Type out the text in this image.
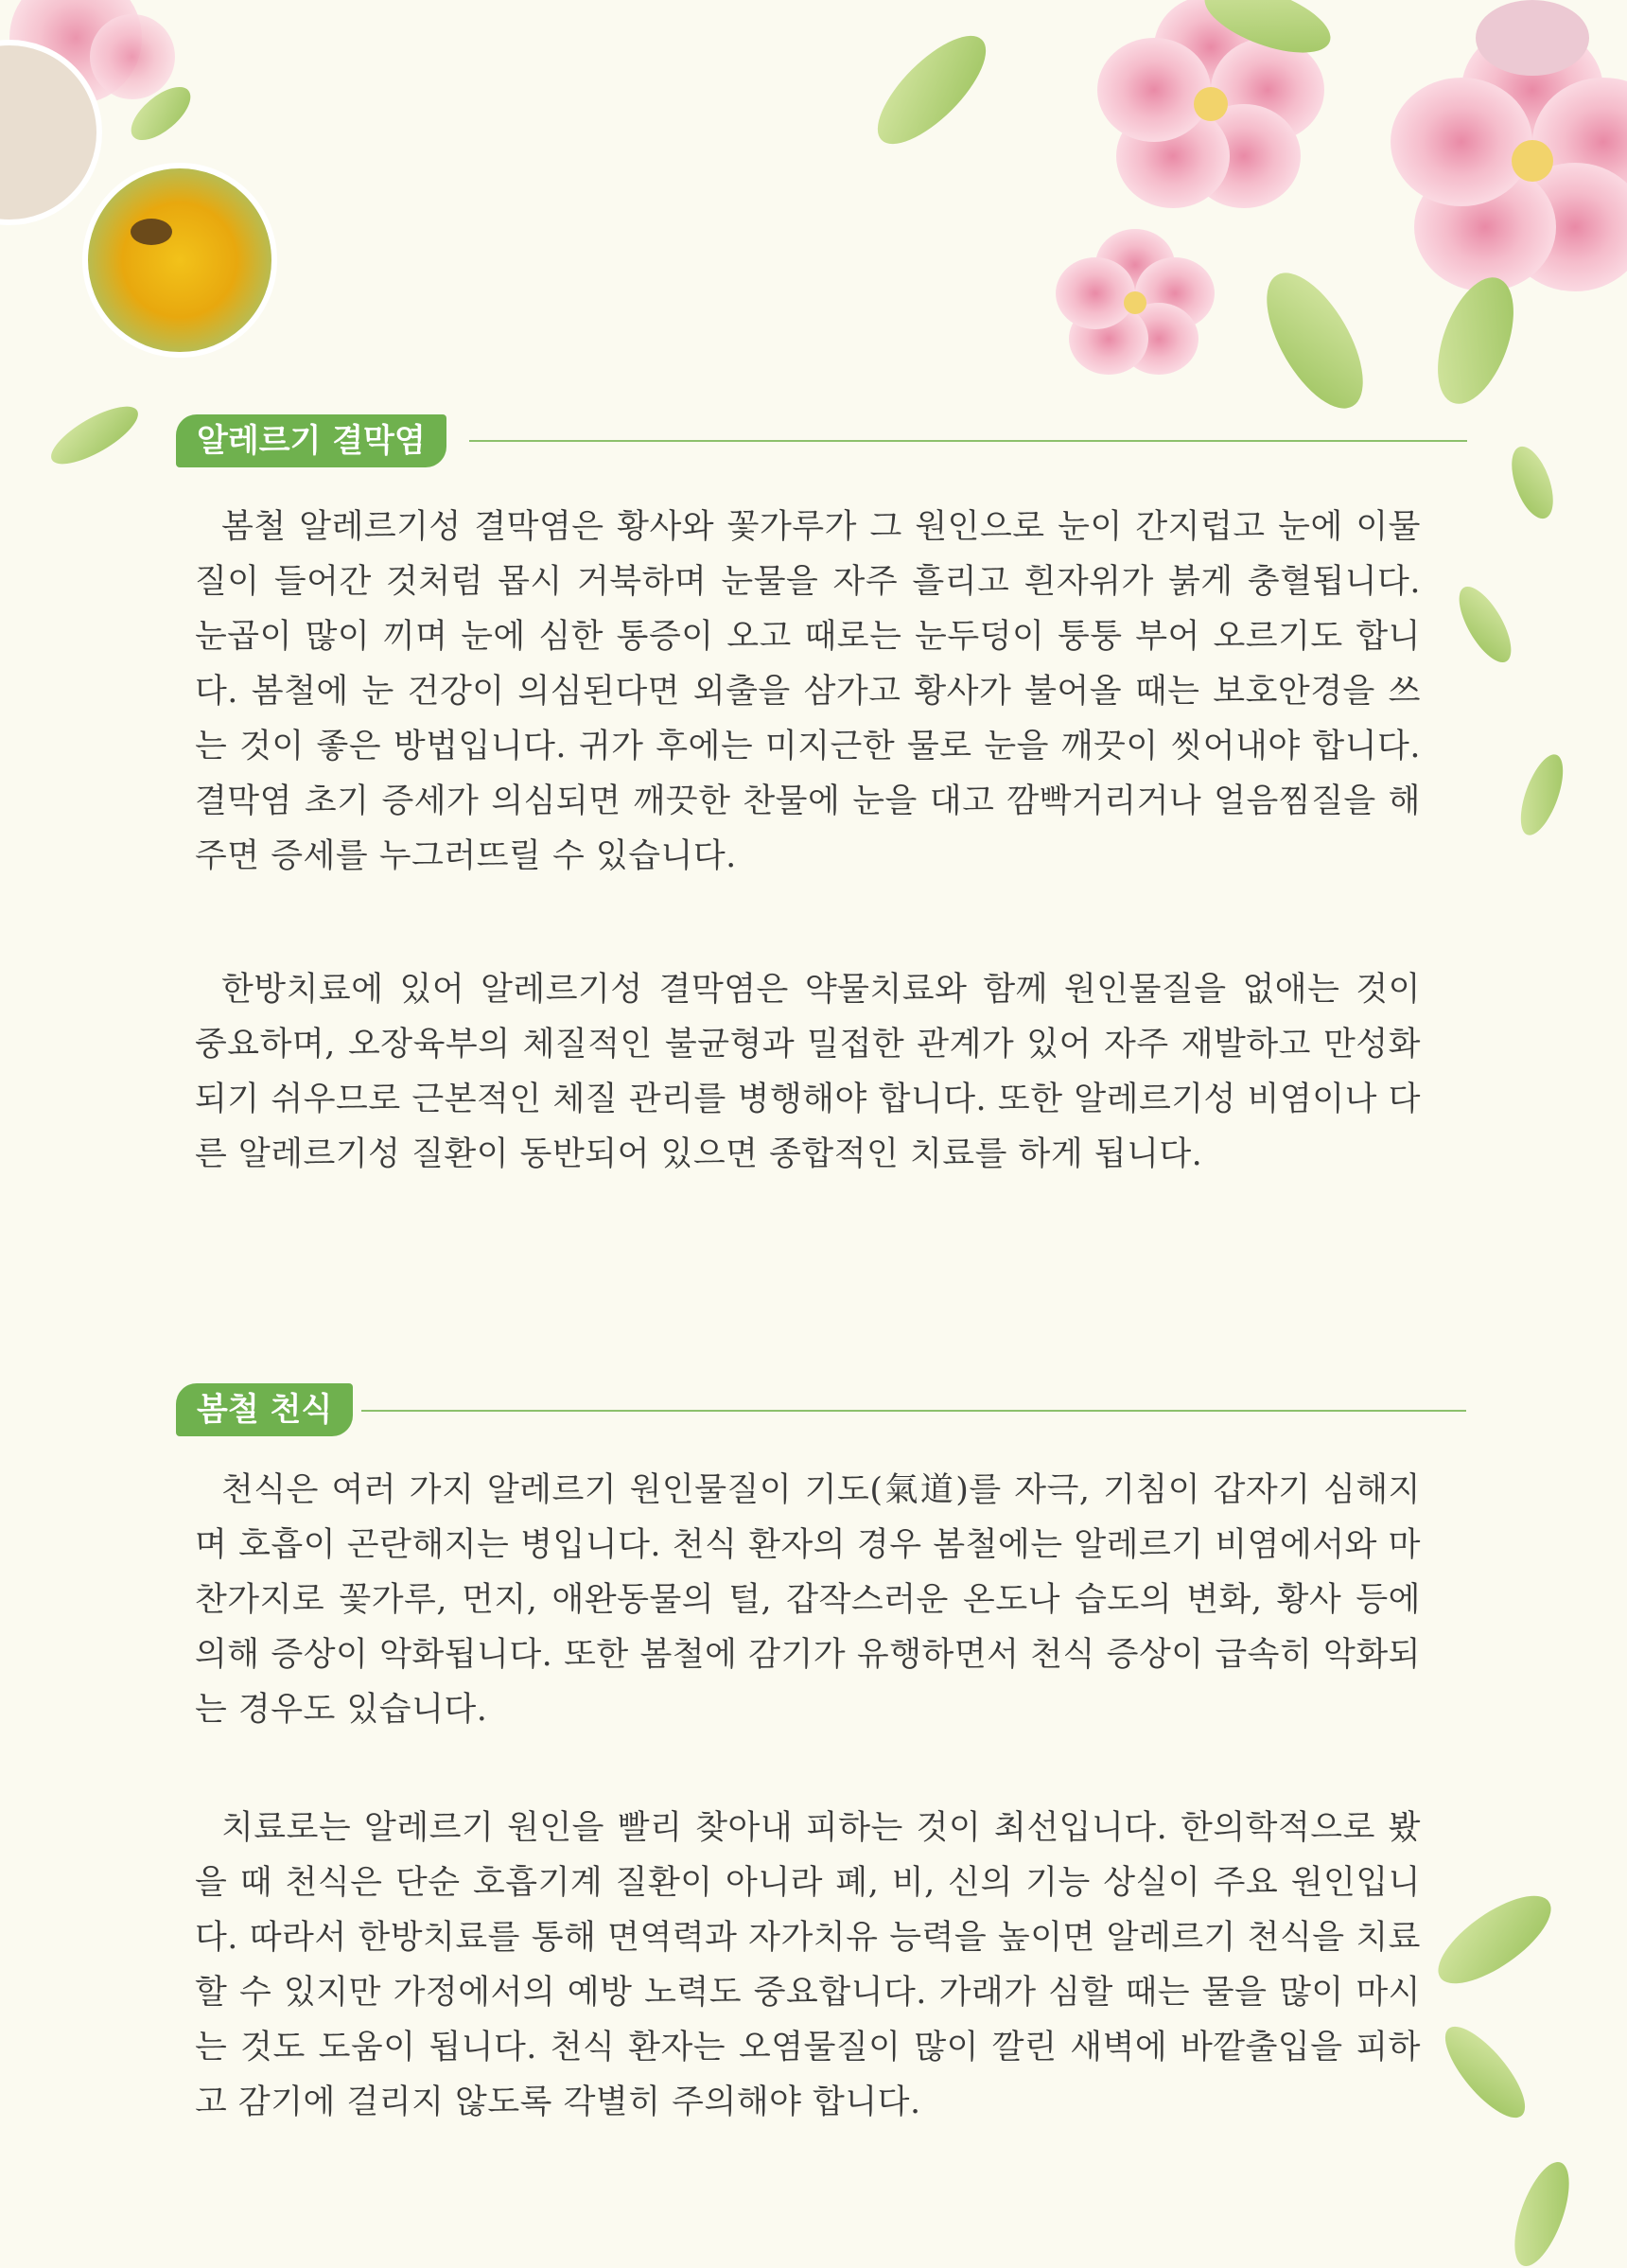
알레르기 결막염

봄철 알레르기성 결막염은 황사와 꽃가루가 그 원인으로 눈이 간지럽고 눈에 이물질이 들어간 것처럼 몹시 거북하며 눈물을 자주 흘리고 흰자위가 붉게 충혈됩니다. 눈곱이 많이 끼며 눈에 심한 통증이 오고 때로는 눈두덩이 퉁퉁 부어 오르기도 합니다. 봄철에 눈 건강이 의심된다면 외출을 삼가고 황사가 불어올 때는 보호안경을 쓰는 것이 좋은 방법입니다. 귀가 후에는 미지근한 물로 눈을 깨끗이 씻어내야 합니다. 결막염 초기 증세가 의심되면 깨끗한 찬물에 눈을 대고 깜빡거리거나 얼음찜질을 해주면 증세를 누그러뜨릴 수 있습니다.

한방치료에 있어 알레르기성 결막염은 약물치료와 함께 원인물질을 없애는 것이 중요하며, 오장육부의 체질적인 불균형과 밀접한 관계가 있어 자주 재발하고 만성화되기 쉬우므로 근본적인 체질 관리를 병행해야 합니다. 또한 알레르기성 비염이나 다른 알레르기성 질환이 동반되어 있으면 종합적인 치료를 하게 됩니다.

봄철 천식

천식은 여러 가지 알레르기 원인물질이 기도(氣道)를 자극, 기침이 갑자기 심해지며 호흡이 곤란해지는 병입니다. 천식 환자의 경우 봄철에는 알레르기 비염에서와 마찬가지로 꽃가루, 먼지, 애완동물의 털, 갑작스러운 온도나 습도의 변화, 황사 등에 의해 증상이 악화됩니다. 또한 봄철에 감기가 유행하면서 천식 증상이 급속히 악화되는 경우도 있습니다.

치료로는 알레르기 원인을 빨리 찾아내 피하는 것이 최선입니다. 한의학적으로 봤을 때 천식은 단순 호흡기계 질환이 아니라 폐, 비, 신의 기능 상실이 주요 원인입니다. 따라서 한방치료를 통해 면역력과 자가치유 능력을 높이면 알레르기 천식을 치료할 수 있지만 가정에서의 예방 노력도 중요합니다. 가래가 심할 때는 물을 많이 마시는 것도 도움이 됩니다. 천식 환자는 오염물질이 많이 깔린 새벽에 바깥출입을 피하고 감기에 걸리지 않도록 각별히 주의해야 합니다.
